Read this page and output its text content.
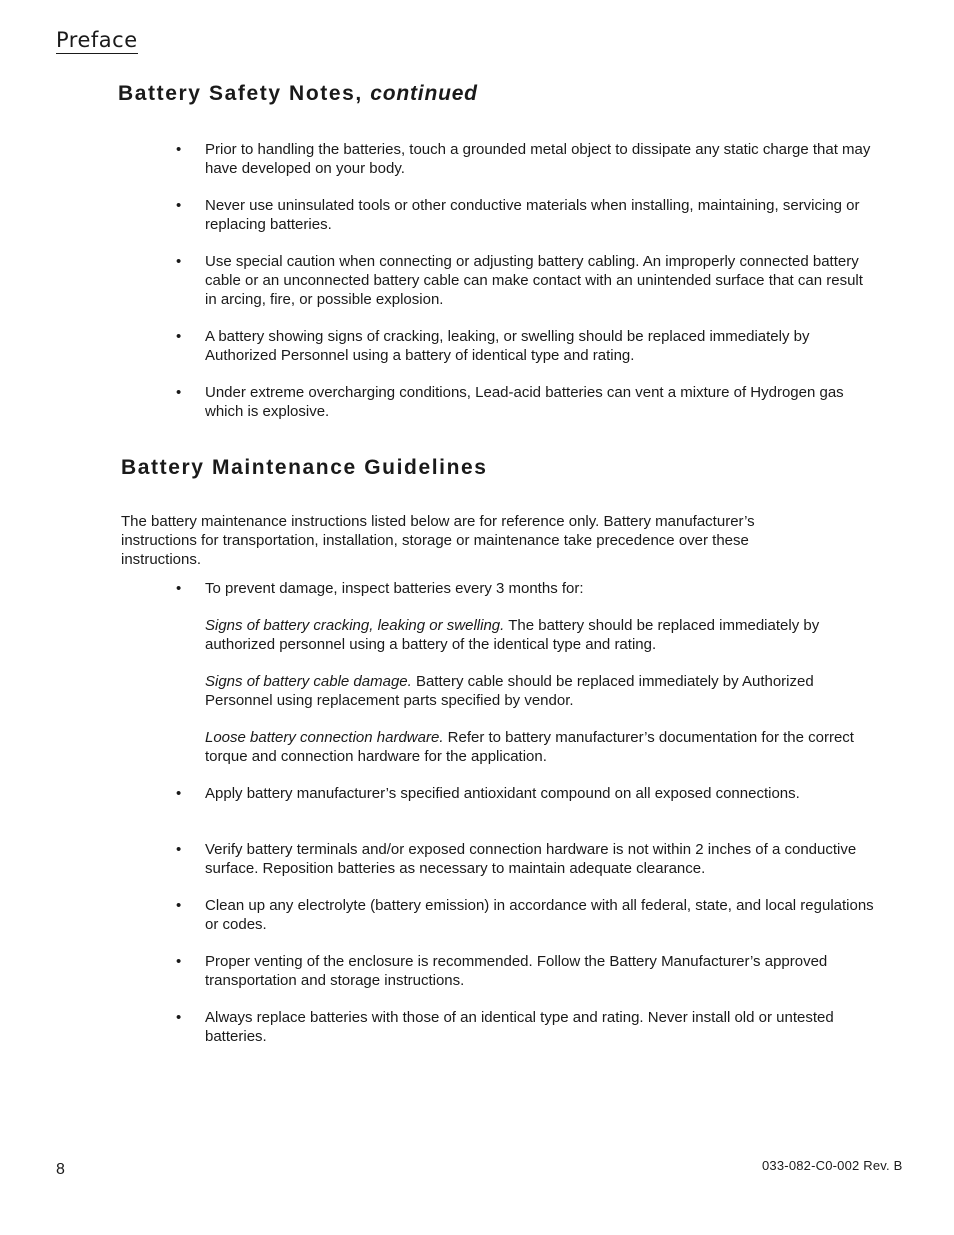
Preface
Battery Safety Notes, continued
• Prior to handling the batteries, touch a grounded metal object to dissipate any static charge that may have developed on your body.
• Never use uninsulated tools or other conductive materials when installing, maintaining, servicing or replacing batteries.
• Use special caution when connecting or adjusting battery cabling. An improperly connected battery cable or an unconnected battery cable can make contact with an unintended surface that can result in arcing, fire, or possible explosion.
• A battery showing signs of cracking, leaking, or swelling should be replaced immediately by Authorized Personnel using a battery of identical type and rating.
• Under extreme overcharging conditions, Lead-acid batteries can vent a mixture of Hydrogen gas which is explosive.
Battery Maintenance Guidelines

The battery maintenance instructions listed below are for reference only. Battery manufacturer’s instructions for transportation, installation, storage or maintenance take precedence over these instructions.

• To prevent damage, inspect batteries every 3 months for:
Signs of battery cracking, leaking or swelling. The battery should be replaced immediately by authorized personnel using a battery of the identical type and rating.
Signs of battery cable damage. Battery cable should be replaced immediately by Authorized Personnel using replacement parts specified by vendor.
Loose battery connection hardware. Refer to battery manufacturer’s documentation for the correct torque and connection hardware for the application.
• Apply battery manufacturer’s specified antioxidant compound on all exposed connections.
• Verify battery terminals and/or exposed connection hardware is not within 2 inches of a conductive surface. Reposition batteries as necessary to maintain adequate clearance.
• Clean up any electrolyte (battery emission) in accordance with all federal, state, and local regulations or codes.
• Proper venting of the enclosure is recommended. Follow the Battery Manufacturer’s approved transportation and storage instructions.
• Always replace batteries with those of an identical type and rating. Never install old or untested batteries.
8	033-082-C0-002 Rev. B
